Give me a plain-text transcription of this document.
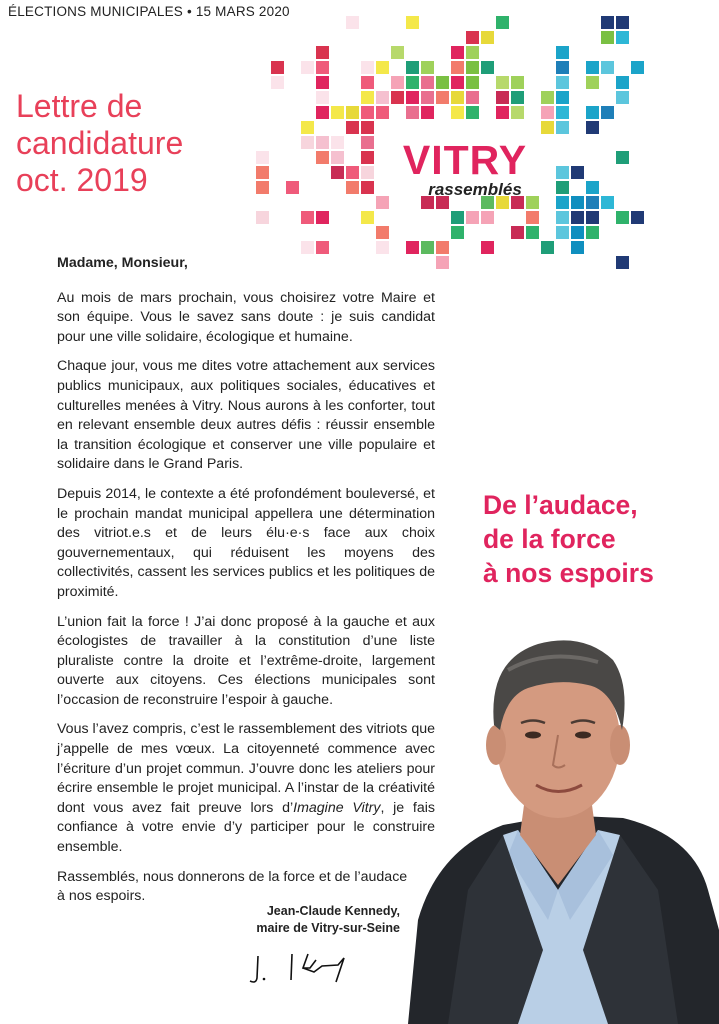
ÉLECTIONS MUNICIPALES • 15 MARS 2020
Lettre de
candidature
oct. 2019	VITRY
rassemblés

Madame, Monsieur,

Au mois de mars prochain, vous choisirez votre Maire et son équipe. Vous le savez sans doute : je suis candidat pour une ville solidaire, écologique et humaine.

Chaque jour, vous me dites votre attachement aux services publics municipaux, aux politiques sociales, éducatives et culturelles menées à Vitry. Nous aurons à les conforter, tout en relevant ensemble deux autres défis : réussir ensemble la transition écologique et conserver une ville populaire et solidaire dans le Grand Paris.

Depuis 2014, le contexte a été profondément bouleversé, et le prochain mandat municipal appellera une détermination des vitriot.e.s et de leurs élu·e·s face aux choix gouvernementaux, qui réduisent les moyens des collectivités, cassent les services publics et les politiques de proximité.

L’union fait la force ! J’ai donc proposé à la gauche et aux écologistes de travailler à la constitution d’une liste pluraliste contre la droite et l’extrême-droite, largement ouverte aux citoyens. Ces élections municipales sont l’occasion de reconstruire l’espoir à gauche.

Vous l’avez compris, c’est le rassemblement des vitriots que j’appelle de mes vœux. La citoyenneté commence avec l’écriture d’un projet commun. J’ouvre donc les ateliers pour écrire ensemble le projet municipal. A l’instar de la créativité dont vous avez fait preuve lors d’Imagine Vitry, je fais confiance à votre envie d’y participer pour le construire ensemble.

Rassemblés, nous donnerons de la force et de l’audace
à nos espoirs.

Jean-Claude Kennedy,
maire de Vitry-sur-Seine
De l’audace,
de la force
à nos espoirs
